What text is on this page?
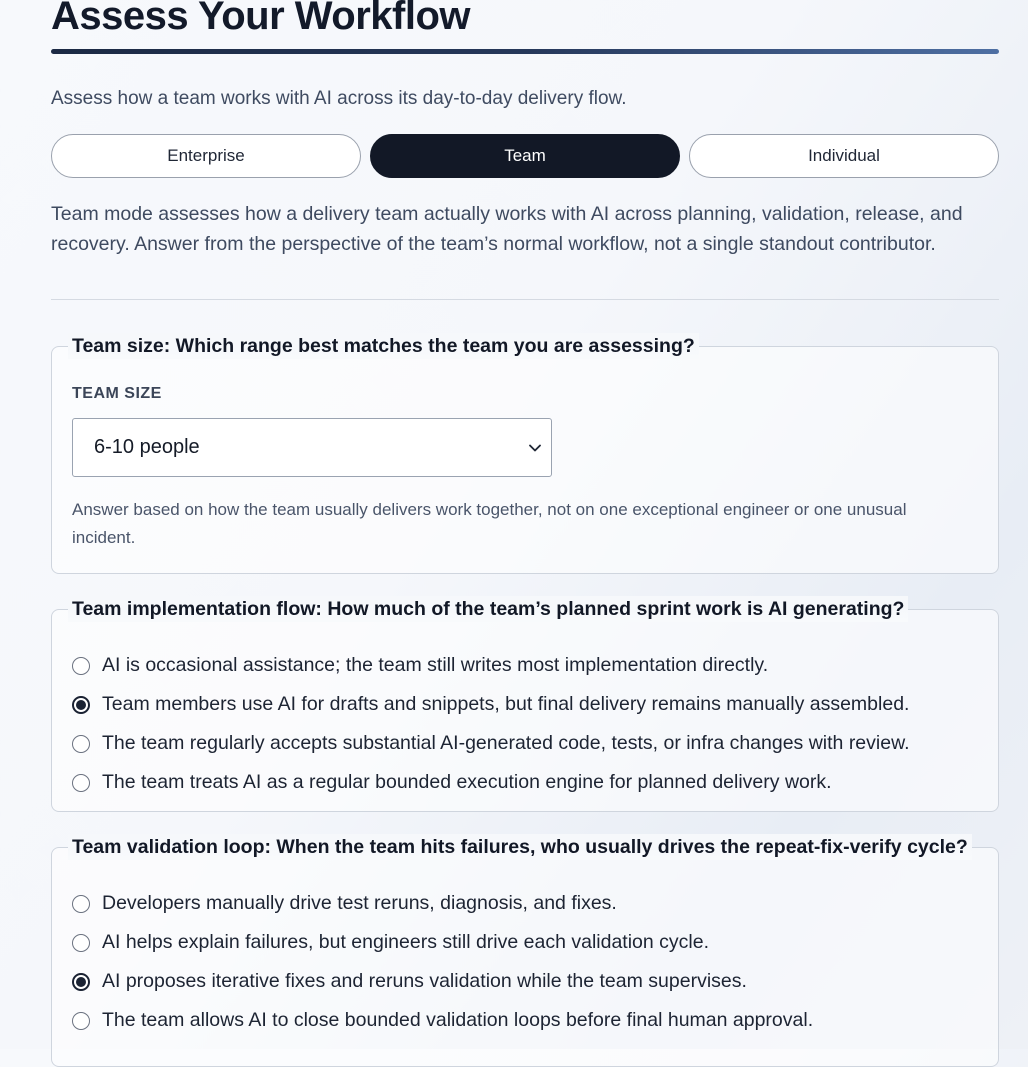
Assess Your Workflow

Assess how a team works with AI across its day-to-day delivery flow.

Enterprise	Team	Individual

Team mode assesses how a delivery team actually works with AI across planning, validation, release, and recovery. Answer from the perspective of the team’s normal workflow, not a single standout contributor.

Team size: Which range best matches the team you are assessing?
TEAM SIZE
6-10 people

Answer based on how the team usually delivers work together, not on one exceptional engineer or one unusual incident.

Team implementation flow: How much of the team’s planned sprint work is AI generating?
AI is occasional assistance; the team still writes most implementation directly.
Team members use AI for drafts and snippets, but final delivery remains manually assembled.
The team regularly accepts substantial AI-generated code, tests, or infra changes with review.
The team treats AI as a regular bounded execution engine for planned delivery work.
Team validation loop: When the team hits failures, who usually drives the repeat-fix-verify cycle?
Developers manually drive test reruns, diagnosis, and fixes.
AI helps explain failures, but engineers still drive each validation cycle.
AI proposes iterative fixes and reruns validation while the team supervises.
The team allows AI to close bounded validation loops before final human approval.
